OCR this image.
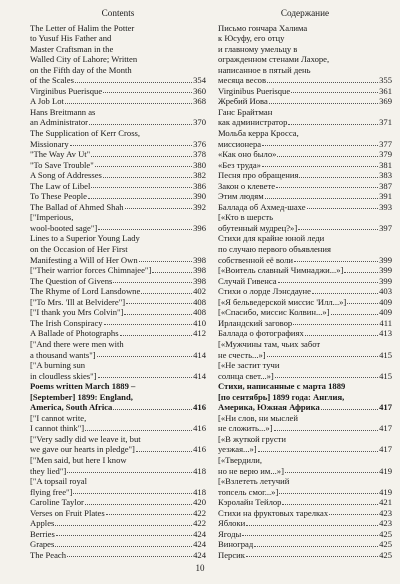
Contents
The Letter of Halim the Potter
to Yusuf His Father and
Master Craftsman in the
Walled City of Lahore; Written
on the Fifth day of the Month
of the Scales	354
Virginibus Puerisque	360
A Job Lot	368
Hans Breitmann as
an Administrator	370
The Supplication of Kerr Cross,
Missionary	376
"The Way Av Ut"	378
"To Save Trouble"	380
A Song of Addresses	382
The Law of Libel	386
To These People	390
The Ballad of Ahmed Shah	392
["Imperious,
wool-booted sage"]	396
Lines to a Superior Young Lady
on the Occasion of Her First
Manifesting a Will of Her Own	398
["Their warrior forces Chimnajee"]	398
The Question of Givens	398
The Rhyme of Lord Lansdowne	402
["To Mrs. 'Ill at Belvidere"]	408
["I thank you Mrs Colvin"]	408
The Irish Conspiracy	410
A Ballade of Photographs	412
["And there were men with
a thousand wants"]	414
["A burning sun
in cloudless skies"]	414
Poems written March 1889 –
[September] 1899: England,
America, South Africa	416
["I cannot write,
I cannot think"]	416
["Very sadly did we leave it, but
we gave our hearts in pledge"]	416
["Men said, but here I know
they lied"]	418
["A topsail royal
flying free"]	418
Caroline Taylor	420
Verses on Fruit Plates	422
Apples	422
Berries	424
Grapes	424
The Peach	424
Содержание
Письмо гончара Халима
к Юсуфу, его отцу
и главному умельцу в
огражденном стенами Лахоре,
написанное в пятый день
месяца весов	355
Virginibus Puerisque	361
Жребий Иова	369
Ганс Брайтман
как администратор	371
Мольба керра Кросса,
миссионера	377
«Как оно было»	379
«Без труда»	381
Песня про обращения	383
Закон о клевете	387
Этим людям	391
Баллада об Ахмед-шахе	393
[«Кто в шерсть
обутенный мудрец?»]	397
Стихи для крайне юной леди
по случаю первого объявления
собственной её воли	399
[«Воитель славный Чимнаджи...»]	399
Случай Гивенса	399
Стихи о лорде Лэнсдауне	403
[«Я бельведерской миссис 'Илл...»]	409
[«Спасибо, миссис Колвин...»]	409
Ирландский заговор	411
Баллада о фотографиях	413
[«Мужчины там, чьих забот
не счесть...»]	415
[«Не застит тучи
солнца свет...»]	415
Стихи, написанные с марта 1889
[по сентябрь] 1899 года: Англия,
Америка, Южная Африка	417
[«Ни слов, ни мыслей
не сложить...»]	417
[«В жуткой грусти
уезжая...»]	417
[«Твердили,
но не верю им...»]	419
[«Взлететь летучий
топсель смог...»]	419
Кэролайн Тейлор	421
Стихи на фруктовых тарелках	423
Яблоки	423
Ягоды	425
Виноград	425
Персик	425
10
